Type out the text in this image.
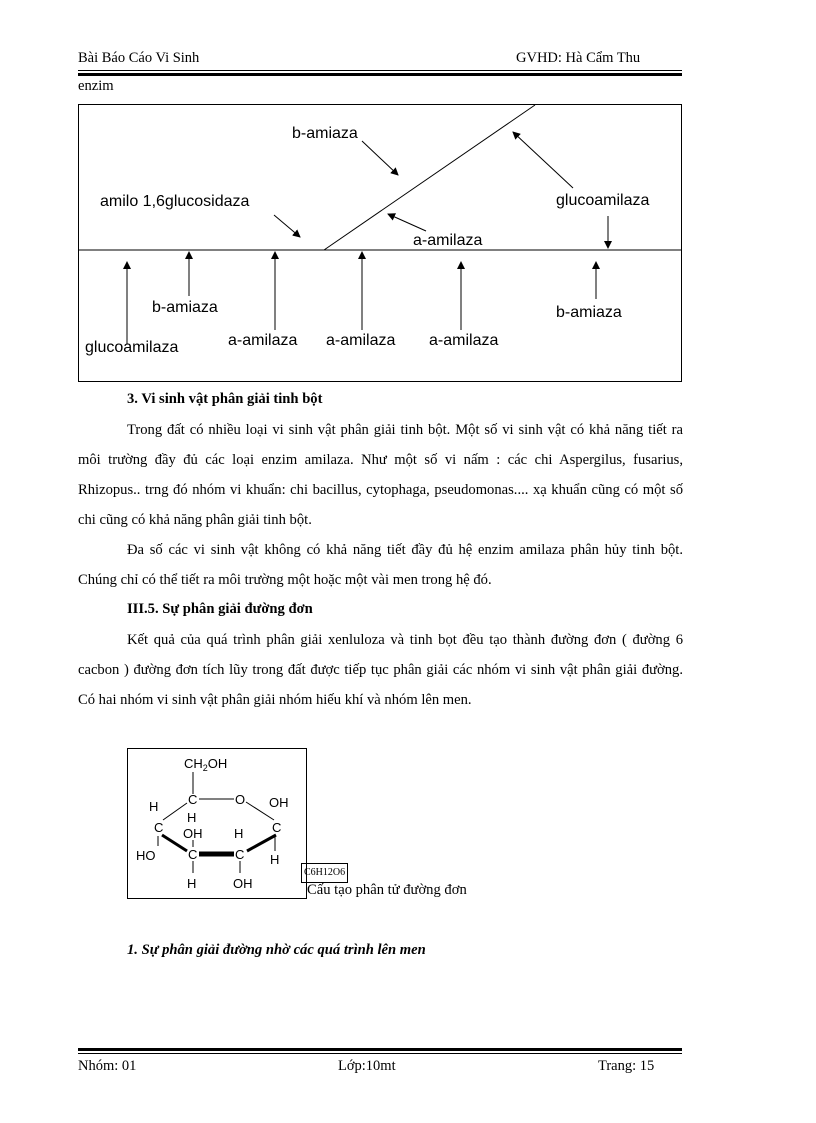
Bài Báo Cáo Vi Sinh	GVHD: Hà Cẩm Thu
enzim
b-amiaza
amilo 1,6glucosidaza	glucoamilaza
a-amilaza
b-amiaza	b-amiaza
glucoamilaza	a-amilaza a-amilaza a-amilaza
3. Vi sinh vật phân giải tinh bột
Trong đất có nhiều loại vi sinh vật phân giải tinh bột. Một số vi sinh vật có khả năng tiết ra môi trường đầy đủ các loại enzim amilaza. Như một số vi nấm : các chi Aspergilus, fusarius, Rhizopus.. trng đó nhóm vi khuẩn: chi bacillus, cytophaga, pseudomonas.... xạ khuẩn cũng có một số chi cũng có khả năng phân giải tinh bột.
Đa số các vi sinh vật không có khả năng tiết đầy đủ hệ enzim amilaza phân hủy tinh bột. Chúng chỉ có thể tiết ra môi trường một hoặc một vài men trong hệ đó.
III.5. Sự phân giải đường đơn
Kết quả của quá trình phân giải xenluloza và tinh bọt đều tạo thành đường đơn ( đường 6 cacbon ) đường đơn tích lũy trong đất được tiếp tục phân giải các nhóm vi sinh vật phân giải đường. Có hai nhóm vi sinh vật phân giải nhóm hiếu khí và nhóm lên men.
$CH_2OH$
C	O
C	C
C	C
H
H
OH
H
HO
OH H
H	OH
C6H12O6
Cấu tạo phân tử đường đơn
1. Sự phân giải đường nhờ các quá trình lên men
Nhóm: 01	Lớp:10mt	Trang: 15
